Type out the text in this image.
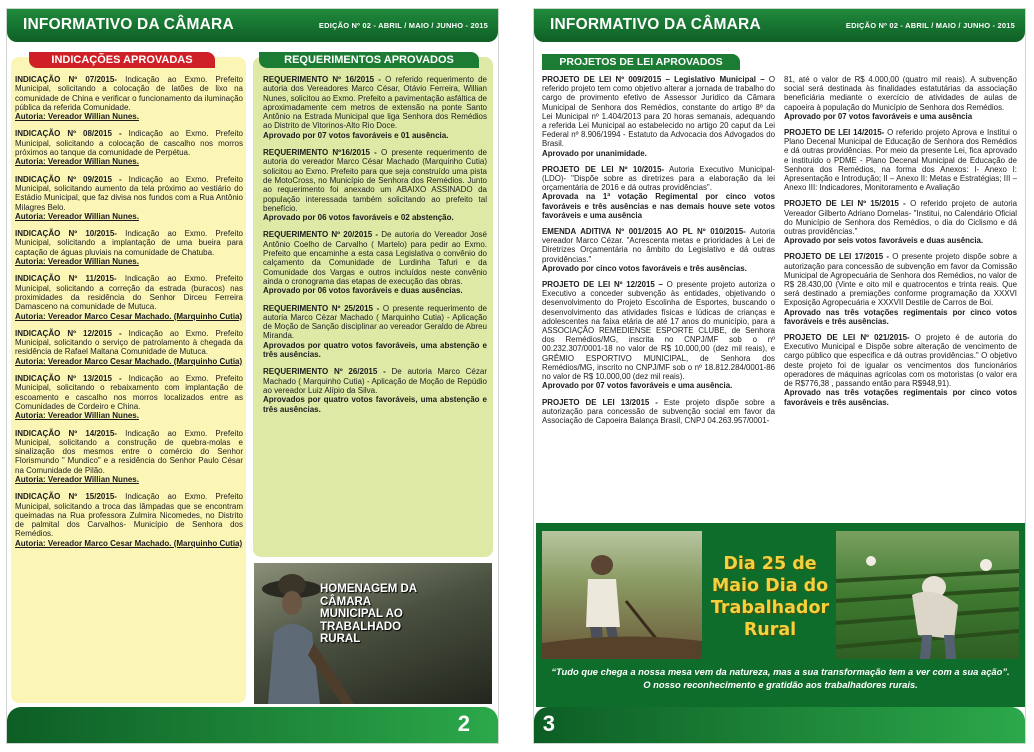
INFORMATIVO DA CÂMARA	EDIÇÃO Nº 02 - ABRIL / MAIO / JUNHO - 2015
INDICAÇÕES APROVADAS

INDICAÇÃO Nº 07/2015- Indicação ao Exmo. Prefeito Municipal, solicitando a colocação de latões de lixo na comunidade de China e verificar o funcionamento da iluminação pública da referida Comunidade.

Autoria: Vereador Willian Nunes.

INDICAÇÃO Nº 08/2015 - Indicação ao Exmo. Prefeito Municipal, solicitando a colocação de cascalho nos morros próximos ao tanque da comunidade de Perpétua.

Autoria: Vereador Willian Nunes.

INDICAÇÃO Nº 09/2015 - Indicação ao Exmo. Prefeito Municipal, solicitando aumento da tela próximo ao vestiário do Estádio Municipal, que faz divisa nos fundos com a Rua Antônio Milagres Belo.

Autoria: Vereador Willian Nunes.

INDICAÇÃO Nº 10/2015- Indicação ao Exmo. Prefeito Municipal, solicitando a implantação de uma bueira para captação de águas pluviais na comunidade de Chatuba.

Autoria: Vereador Willian Nunes.

INDICAÇÃO Nº 11/2015- Indicação ao Exmo. Prefeito Municipal, solicitando a correção da estrada (buracos) nas proximidades da residência do Senhor Dirceu Ferreira Damasceno na comunidade de Mutuca.

Autoria: Vereador Marco Cesar Machado. (Marquinho Cutia)

INDICAÇÃO Nº 12/2015 - Indicação ao Exmo. Prefeito Municipal, solicitando o serviço de patrolamento à chegada da residência de Rafael Maltana Comunidade de Mutuca.

Autoria: Vereador Marco Cesar Machado. (Marquinho Cutia)

INDICAÇÃO Nº 13/2015 - Indicação ao Exmo. Prefeito Municipal, solicitando o rebaixamento com implantação de escoamento e cascalho nos morros localizados entre as Comunidades de Cordeiro e China.

Autoria: Vereador Willian Nunes.

INDICAÇÃO Nº 14/2015- Indicação ao Exmo. Prefeito Municipal, solicitando a construção de quebra-molas e sinalização dos mesmos entre o comércio do Senhor Florismundo " Mundico" e a residência do Senhor Paulo César na Comunidade de Pilão.

Autoria: Vereador Willian Nunes.

INDICAÇÃO Nº 15/2015- Indicação ao Exmo. Prefeito Municipal, solicitando a troca das lâmpadas que se encontram queimadas na Rua professora Zulmira Nicomedes, no Distrito de palmital dos Carvalhos- Município de Senhora dos Remédios.

Autoria: Vereador Marco Cesar Machado. (Marquinho Cutia)
REQUERIMENTOS APROVADOS

REQUERIMENTO Nº 16/2015 - O referido requerimento de autoria dos Vereadores Marco César, Otávio Ferreira, Willian Nunes, solicitou ao Exmo. Prefeito a pavimentação asfáltica de aproximadamente cem metros de extensão na ponte Santo Antônio na Estrada Municipal que liga Senhora dos Remédios ao Distrito de Vitorinos-Alto Rio Doce.

Aprovado por 07 votos favoráveis e 01 ausência.

REQUERIMENTO Nº16/2015 - O presente requerimento de autoria do vereador Marco César Machado (Marquinho Cutia) solicitou ao Exmo. Prefeito para que seja construído uma pista de MotoCross, no Município de Senhora dos Remédios. Junto ao requerimento foi anexado um ABAIXO ASSINADO da população interessada também solicitando ao prefeito tal benefício.

Aprovado por 06 votos favoráveis e 02 abstenção.

REQUERIMENTO Nº 20/2015 - De autoria do Vereador José Antônio Coelho de Carvalho ( Martelo) para pedir ao Exmo. Prefeito que encaminhe a esta casa Legislativa o convênio do calçamento da Comunidade de Lurdinha Tafuri e da Comunidade dos Vargas e outros incluídos neste convênio ainda o cronograma das etapas de execução das obras.

Aprovado por 06 votos favoráveis e duas ausências.

REQUERIMENTO Nº 25/2015 - O presente requerimento de autoria Marco Cézar Machado ( Marquinho Cutia) - Aplicação de Moção de Sanção disciplinar ao vereador Geraldo de Abreu Miranda.

Aprovados por quatro votos favoráveis, uma abstenção e três ausências.

REQUERIMENTO Nº 26/2015 - De autoria Marco Cézar Machado ( Marquinho Cutia) - Aplicação de Moção de Repúdio ao vereador Luiz Alípio da Silva.

Aprovados por quatro votos favoráveis, uma abstenção e três ausências.
HOMENAGEM DA CÂMARA MUNICIPAL AO TRABALHADO RURAL
2
INFORMATIVO DA CÂMARA	EDIÇÃO Nº 02 - ABRIL / MAIO / JUNHO - 2015
PROJETOS DE LEI APROVADOS

PROJETO DE LEI Nº 009/2015 – Legislativo Municipal – O referido projeto tem como objetivo alterar a jornada de trabalho do cargo de provimento efetivo de Assessor Jurídico da Câmara Municipal de Senhora dos Remédios, constante do artigo 8º da Lei Municipal nº 1.404/2013 para 20 horas semanais, adequando a referida Lei Municipal ao estabelecido no artigo 20 caput da Lei Federal nº 8.906/1994 - Estatuto da Advocacia dos Advogados do Brasil.

Aprovado por unanimidade.

PROJETO DE LEI Nº 10/2015- Autoria Executivo Municipal- (LDO)- "Dispõe sobre as diretrizes para a elaboração da lei orçamentária de 2016 e dá outras providências".

Aprovada na 1ª votação Regimental por cinco votos favoráveis e três ausências e nas demais houve sete votos favoráveis e uma ausência

EMENDA ADITIVA Nº 001/2015 AO PL Nº 010/2015- Autoria vereador Marco Cézar. "Acrescenta metas e prioridades à Lei de Diretrizes Orçamentária no âmbito do Legislativo e dá outras providências."

Aprovado por cinco votos favoráveis e três ausências.

PROJETO DE LEI Nº 12/2015 – O presente projeto autoriza o Executivo a conceder subvenção às entidades, objetivando o desenvolvimento do Projeto Escolinha de Esportes, buscando o desenvolvimento das atividades físicas e lúdicas de crianças e adolescentes na faixa etária de até 17 anos do município, para a ASSOCIAÇÃO REMEDIENSE ESPORTE CLUBE, de Senhora dos Remédios/MG, inscrita no CNPJ/MF sob o nº 00.232.307/0001-18 no valor de R$ 10.000,00 (dez mil reais), e GRÊMIO ESPORTIVO MUNICIPAL, de Senhora dos Remédios/MG, inscrito no CNPJ/MF sob o nº 18.812.284/0001-86 no valor de R$ 10.000,00 (dez mil reais).

Aprovado por 07 votos favoráveis e uma ausência.

PROJETO DE LEI 13/2015 - Este projeto dispõe sobre a autorização para concessão de subvenção social em favor da Associação de Capoeira Balança Brasil, CNPJ 04.263.957/0001-

81, até o valor de R$ 4.000,00 (quatro mil reais). A subvenção social será destinada às finalidades estatutárias da associação beneficiária mediante o exercício de atividades de aulas de capoeira à população do Município de Senhora dos Remédios.

Aprovado por 07 votos favoráveis e uma ausência

PROJETO DE LEI 14/2015- O referido projeto Aprova e Institui o Plano Decenal Municipal de Educação de Senhora dos Remédios e dá outras providências. Por meio da presente Lei, fica aprovado e instituído o PDME - Plano Decenal Municipal de Educação de Senhora dos Remédios, na forma dos Anexos: I- Anexo I: Apresentação e Introdução; II – Anexo II: Metas e Estratégias; III – Anexo III: Indicadores, Monitoramento e Avaliação

PROJETO DE LEI Nº 15/2015 - O referido projeto de autoria Vereador Gilberto Adriano Dornelas- "Institui, no Calendário Oficial do Município de Senhora dos Remédios, o dia do Ciclismo e dá outras providências."

Aprovado por seis votos favoráveis e duas ausência.

PROJETO DE LEI 17/2015 - O presente projeto dispõe sobre a autorização para concessão de subvenção em favor da Comissão Municipal de Agropecuária de Senhora dos Remédios, no valor de R$ 28.430,00 (Vinte e oito mil e quatrocentos e trinta reais. Que será destinado a premiações conforme programação da XXXVI Exposição Agropecuária e XXXVII Destile de Carros de Boi.

Aprovado nas três votações regimentais por cinco votos favoráveis e três ausências.

PROJETO DE LEI Nº 021/2015- O projeto é de autoria do Executivo Municipal e Dispõe sobre alteração de vencimento de cargo público que especifica e dá outras providências." O objetivo deste projeto foi de igualar os vencimentos dos funcionários operadores de máquinas agrícolas com os motoristas (o valor era de R$776,38 , passando então para R$948,91).

Aprovado nas três votações regimentais por cinco votos favoráveis e três ausências.
Dia 25 de Maio Dia do Trabalhador Rural
“Tudo que chega a nossa mesa vem da natureza, mas a sua transformação tem a ver com a sua ação”.
O nosso reconhecimento e gratidão aos trabalhadores rurais.
3
